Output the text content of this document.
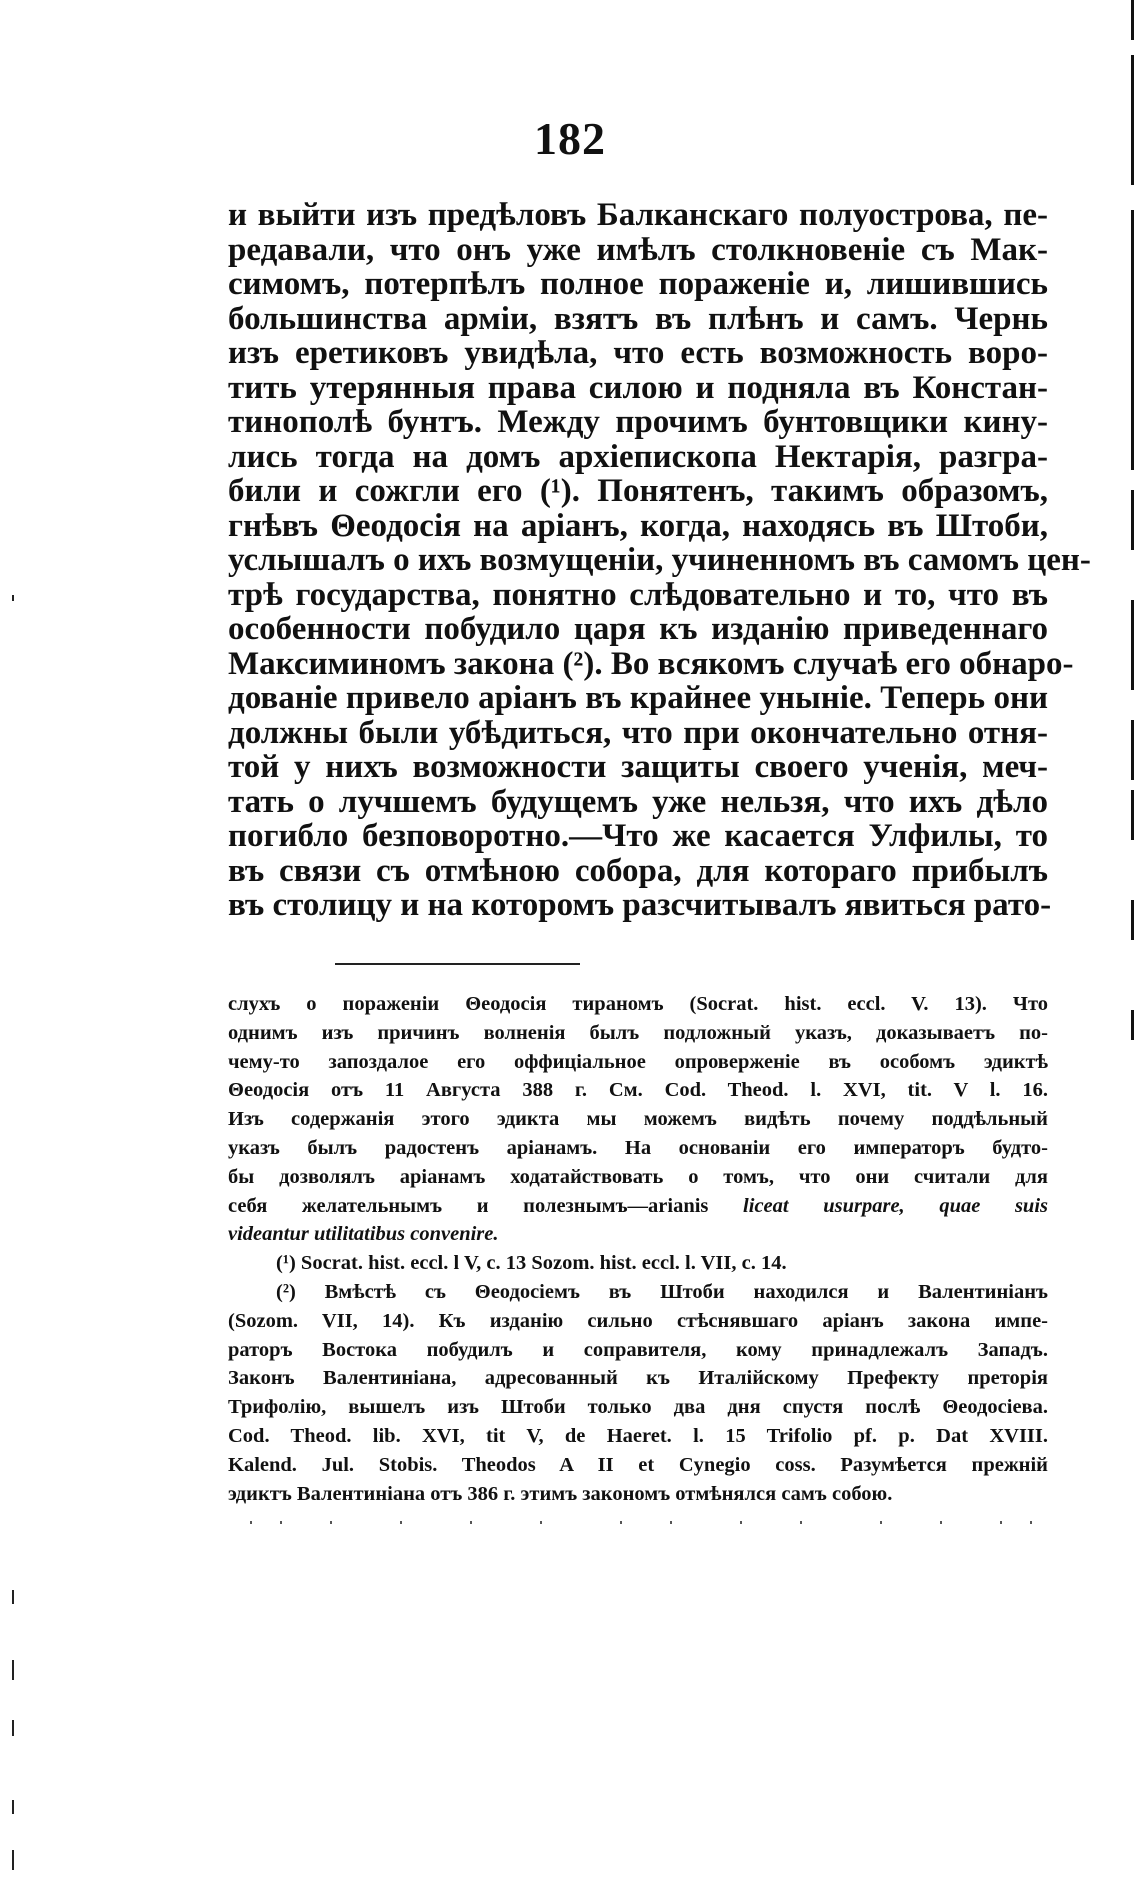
182
и выйти изъ предѣловъ Балканскаго полуострова, пе-
редавали, что онъ уже имѣлъ столкновеніе съ Мак-
симомъ, потерпѣлъ полное пораженіе и, лишившись
большинства арміи, взятъ въ плѣнъ и самъ. Чернь
изъ еретиковъ увидѣла, что есть возможность воро-
тить утерянныя права силою и подняла въ Констан-
тинополѣ бунтъ. Между прочимъ бунтовщики кину-
лись тогда на домъ архіепископа Нектарія, разгра-
били и сожгли его (¹). Понятенъ, такимъ образомъ,
гнѣвъ Θеодосія на аріанъ, когда, находясь въ Штоби,
услышалъ о ихъ возмущеніи, учиненномъ въ самомъ цен-
трѣ государства, понятно слѣдовательно и то, что въ
особенности побудило царя къ изданію приведеннаго
Максиминомъ закона (²). Во всякомъ случаѣ его обнаро-
дованіе привело аріанъ въ крайнее уныніе. Теперь они
должны были убѣдиться, что при окончательно отня-
той у нихъ возможности защиты своего ученія, меч-
тать о лучшемъ будущемъ уже нельзя, что ихъ дѣло
погибло безповоротно.—Что же касается Улфилы, то
въ связи съ отмѣною собора, для котораго прибылъ
въ столицу и на которомъ разсчитывалъ явиться рато-
слухъ о пораженіи Θеодосія тираномъ (Socrat. hist. eccl. V. 13). Что
однимъ изъ причинъ волненія былъ подложный указъ, доказываетъ по-
чему-то запоздалое его оффиціальное опроверженіе въ особомъ эдиктѣ
Θеодосія отъ 11 Августа 388 г. См. Cod. Theod. l. XVI, tit. V l. 16.
Изъ содержанія этого эдикта мы можемъ видѣть почему поддѣльный
указъ былъ радостенъ аріанамъ. На основаніи его императоръ будто-
бы дозволялъ аріанамъ ходатайствовать о томъ, что они считали для
себя желательнымъ и полезнымъ—arianis liceat usurpare, quae suis
videantur utilitatibus convenire.
(¹) Socrat. hist. eccl. l V, c. 13 Sozom. hist. eccl. l. VII, c. 14.
(²) Вмѣстѣ съ Θеодосіемъ въ Штоби находился и Валентиніанъ
(Sozom. VII, 14). Къ изданію сильно стѣснявшаго аріанъ закона импе-
раторъ Востока побудилъ и соправителя, кому принадлежалъ Западъ.
Законъ Валентиніана, адресованный къ Италійскому Префекту преторія
Трифолію, вышелъ изъ Штоби только два дня спустя послѣ Θеодосіева.
Cod. Theod. lib. XVI, tit V, de Haeret. l. 15 Trifolio pf. p. Dat XVIII.
Kalend. Jul. Stobis. Theodos A II et Cynegio coss. Разумѣется прежній
эдиктъ Валентиніана отъ 386 г. этимъ закономъ отмѣнялся самъ собою.
